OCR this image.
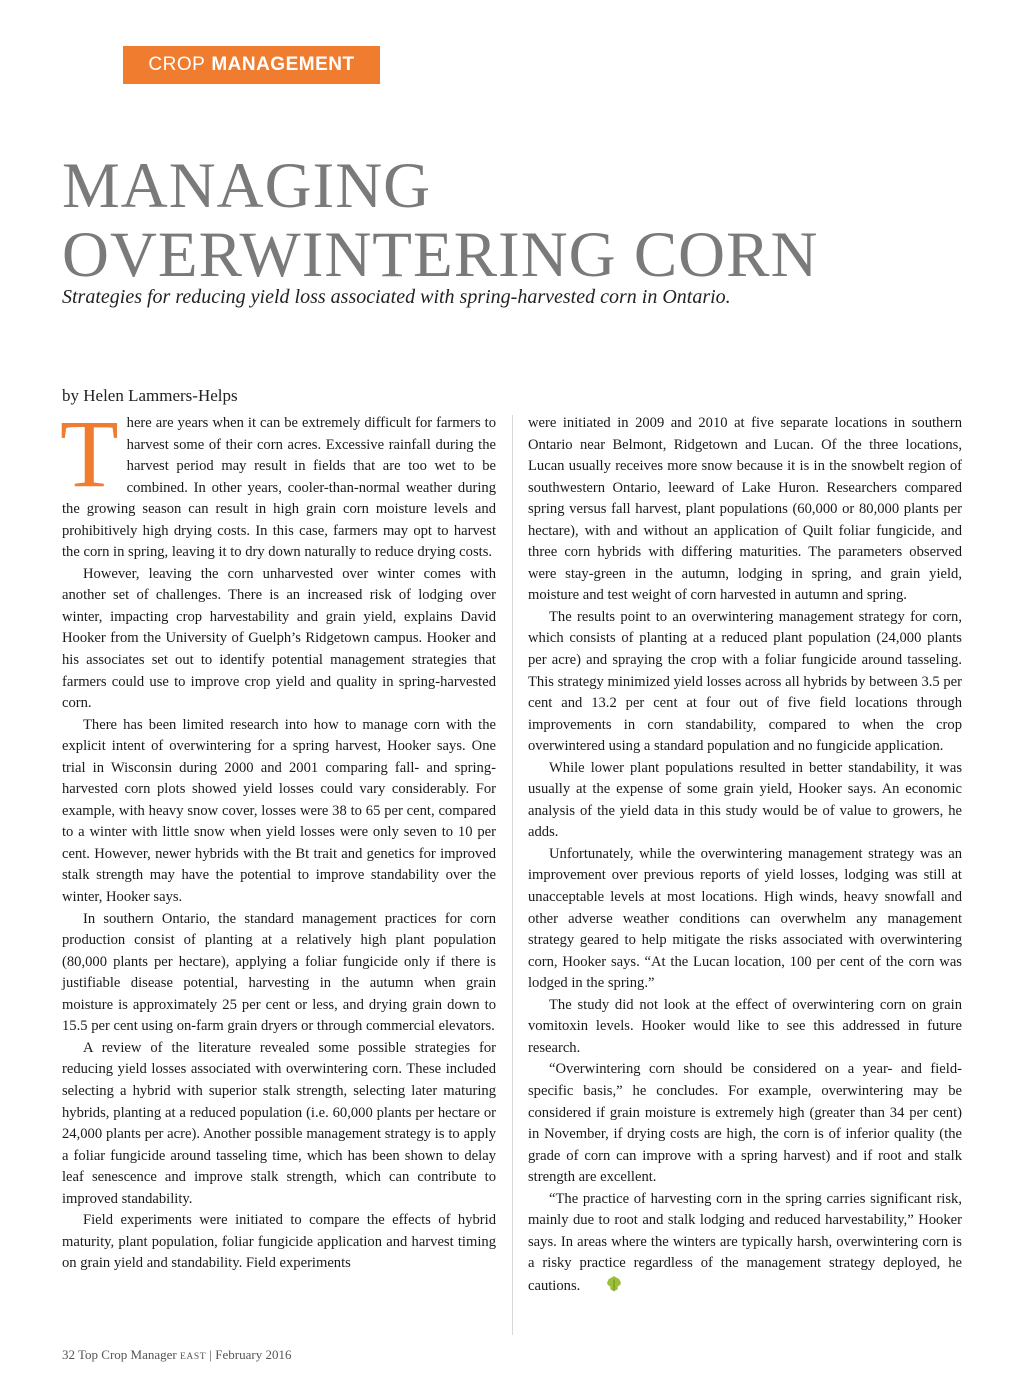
CROP MANAGEMENT
MANAGING
OVERWINTERING CORN

Strategies for reducing yield loss associated with spring-harvested corn in Ontario.

by Helen Lammers-Helps

There are years when it can be extremely difficult for farmers to harvest some of their corn acres. Excessive rainfall during the harvest period may result in fields that are too wet to be combined. In other years, cooler-than-normal weather during the growing season can result in high grain corn moisture levels and prohibitively high drying costs. In this case, farmers may opt to harvest the corn in spring, leaving it to dry down naturally to reduce drying costs.

However, leaving the corn unharvested over winter comes with another set of challenges. There is an increased risk of lodging over winter, impacting crop harvestability and grain yield, explains David Hooker from the University of Guelph’s Ridgetown campus. Hooker and his associates set out to identify potential management strategies that farmers could use to improve crop yield and quality in spring-harvested corn.

There has been limited research into how to manage corn with the explicit intent of overwintering for a spring harvest, Hooker says. One trial in Wisconsin during 2000 and 2001 comparing fall- and spring-harvested corn plots showed yield losses could vary considerably. For example, with heavy snow cover, losses were 38 to 65 per cent, compared to a winter with little snow when yield losses were only seven to 10 per cent. However, newer hybrids with the Bt trait and genetics for improved stalk strength may have the potential to improve standability over the winter, Hooker says.

In southern Ontario, the standard management practices for corn production consist of planting at a relatively high plant population (80,000 plants per hectare), applying a foliar fungicide only if there is justifiable disease potential, harvesting in the autumn when grain moisture is approximately 25 per cent or less, and drying grain down to 15.5 per cent using on-farm grain dryers or through commercial elevators.

A review of the literature revealed some possible strategies for reducing yield losses associated with overwintering corn. These included selecting a hybrid with superior stalk strength, selecting later maturing hybrids, planting at a reduced population (i.e. 60,000 plants per hectare or 24,000 plants per acre). Another possible management strategy is to apply a foliar fungicide around tasseling time, which has been shown to delay leaf senescence and improve stalk strength, which can contribute to improved standability.

Field experiments were initiated to compare the effects of hybrid maturity, plant population, foliar fungicide application and harvest timing on grain yield and standability. Field experiments

were initiated in 2009 and 2010 at five separate locations in southern Ontario near Belmont, Ridgetown and Lucan. Of the three locations, Lucan usually receives more snow because it is in the snowbelt region of southwestern Ontario, leeward of Lake Huron. Researchers compared spring versus fall harvest, plant populations (60,000 or 80,000 plants per hectare), with and without an application of Quilt foliar fungicide, and three corn hybrids with differing maturities. The parameters observed were stay-green in the autumn, lodging in spring, and grain yield, moisture and test weight of corn harvested in autumn and spring.

The results point to an overwintering management strategy for corn, which consists of planting at a reduced plant population (24,000 plants per acre) and spraying the crop with a foliar fungicide around tasseling. This strategy minimized yield losses across all hybrids by between 3.5 per cent and 13.2 per cent at four out of five field locations through improvements in corn standability, compared to when the crop overwintered using a standard population and no fungicide application.

While lower plant populations resulted in better standability, it was usually at the expense of some grain yield, Hooker says. An economic analysis of the yield data in this study would be of value to growers, he adds.

Unfortunately, while the overwintering management strategy was an improvement over previous reports of yield losses, lodging was still at unacceptable levels at most locations. High winds, heavy snowfall and other adverse weather conditions can overwhelm any management strategy geared to help mitigate the risks associated with overwintering corn, Hooker says. “At the Lucan location, 100 per cent of the corn was lodged in the spring.”

The study did not look at the effect of overwintering corn on grain vomitoxin levels. Hooker would like to see this addressed in future research.

“Overwintering corn should be considered on a year- and field-specific basis,” he concludes. For example, overwintering may be considered if grain moisture is extremely high (greater than 34 per cent) in November, if drying costs are high, the corn is of inferior quality (the grade of corn can improve with a spring harvest) and if root and stalk strength are excellent.

“The practice of harvesting corn in the spring carries significant risk, mainly due to root and stalk lodging and reduced harvestability,” Hooker says. In areas where the winters are typically harsh, overwintering corn is a risky practice regardless of the management strategy deployed, he cautions.

32 Top Crop Manager EAST | February 2016
